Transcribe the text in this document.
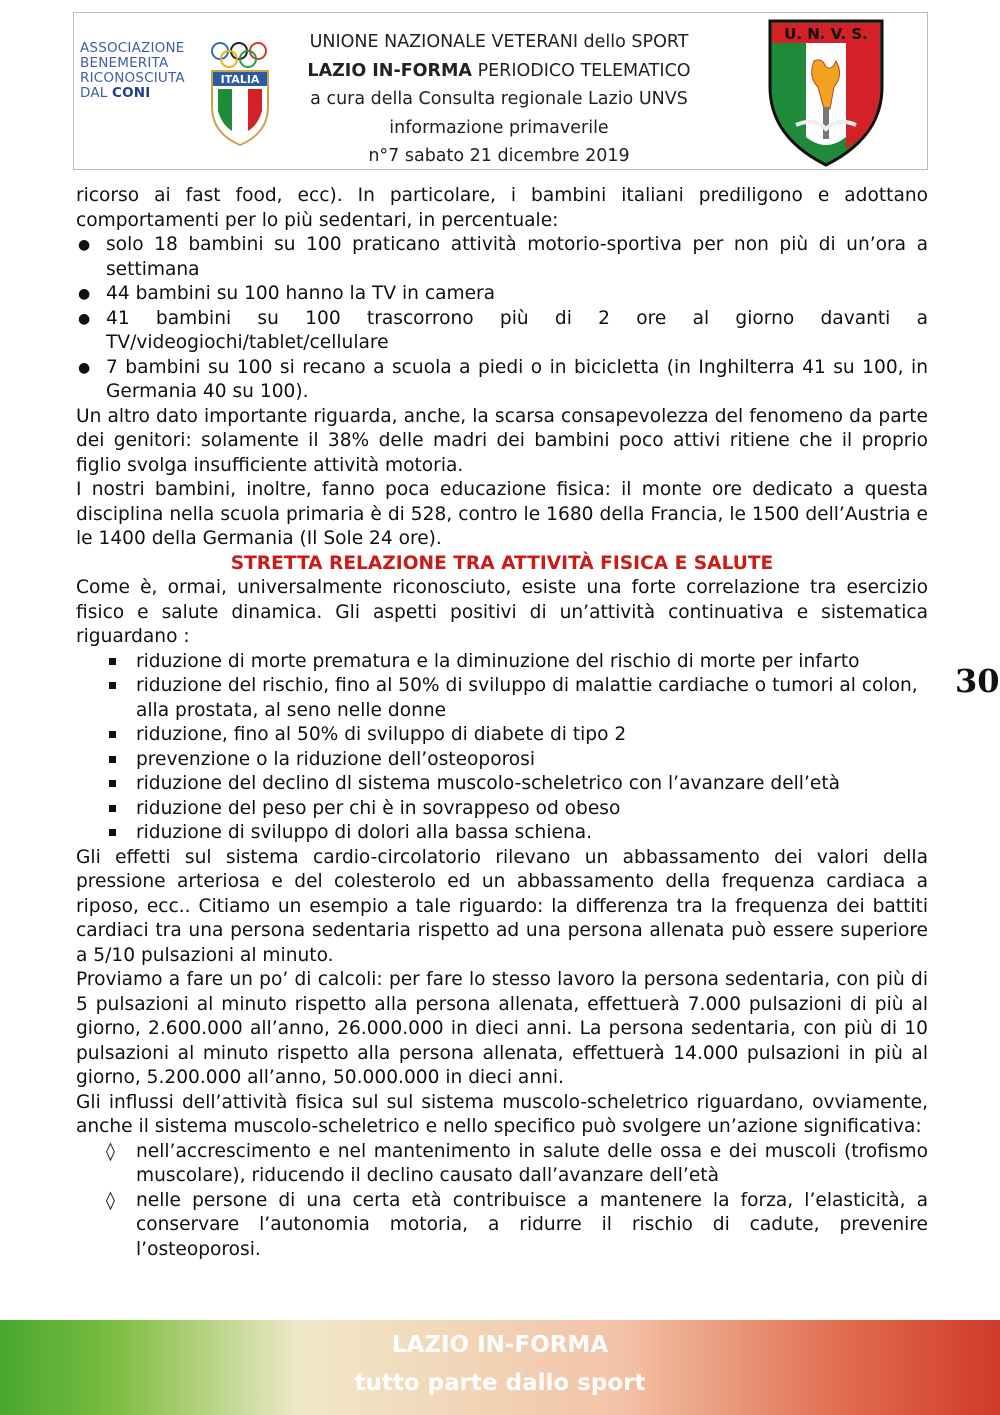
ASSOCIAZIONE
BENEMERITA
RICONOSCIUTA
DAL CONI
ITALIA
UNIONE NAZIONALE VETERANI dello SPORT
LAZIO IN-FORMA PERIODICO TELEMATICO
a cura della Consulta regionale Lazio UNVS
informazione primaverile
n°7 sabato 21 dicembre 2019
U. N. V. S.

ricorso ai fast food, ecc). In particolare, i bambini italiani prediligono e adottano comportamenti per lo più sedentari, in percentuale:

● solo 18 bambini su 100 praticano attività motorio-sportiva per non più di un’ora a settimana
● 44 bambini su 100 hanno la TV in camera
● 41 bambini su 100 trascorrono più di 2 ore al giorno davanti a TV/videogiochi/tablet/cellulare
● 7 bambini su 100 si recano a scuola a piedi o in bicicletta (in Inghilterra 41 su 100, in Germania 40 su 100).

Un altro dato importante riguarda, anche, la scarsa consapevolezza del fenomeno da parte dei genitori: solamente il 38% delle madri dei bambini poco attivi ritiene che il proprio figlio svolga insufficiente attività motoria.

I nostri bambini, inoltre, fanno poca educazione fisica: il monte ore dedicato a questa disciplina nella scuola primaria è di 528, contro le 1680 della Francia, le 1500 dell’Austria e le 1400 della Germania (Il Sole 24 ore).

STRETTA RELAZIONE TRA ATTIVITÀ FISICA E SALUTE

Come è, ormai, universalmente riconosciuto, esiste una forte correlazione tra esercizio fisico e salute dinamica. Gli aspetti positivi di un’attività continuativa e sistematica riguardano :

riduzione di morte prematura e la diminuzione del rischio di morte per infarto
riduzione del rischio, fino al 50% di sviluppo di malattie cardiache o tumori al colon, alla prostata, al seno nelle donne
riduzione, fino al 50% di sviluppo di diabete di tipo 2
prevenzione o la riduzione dell’osteoporosi
riduzione del declino dl sistema muscolo-scheletrico con l’avanzare dell’età
riduzione del peso per chi è in sovrappeso od obeso
riduzione di sviluppo di dolori alla bassa schiena.

Gli effetti sul sistema cardio-circolatorio rilevano un abbassamento dei valori della pressione arteriosa e del colesterolo ed un abbassamento della frequenza cardiaca a riposo, ecc.. Citiamo un esempio a tale riguardo: la differenza tra la frequenza dei battiti cardiaci tra una persona sedentaria rispetto ad una persona allenata può essere superiore a 5/10 pulsazioni al minuto.

Proviamo a fare un po’ di calcoli: per fare lo stesso lavoro la persona sedentaria, con più di 5 pulsazioni al minuto rispetto alla persona allenata, effettuerà 7.000 pulsazioni di più al giorno, 2.600.000 all’anno, 26.000.000 in dieci anni. La persona sedentaria, con più di 10 pulsazioni al minuto rispetto alla persona allenata, effettuerà 14.000 pulsazioni in più al giorno, 5.200.000 all’anno, 50.000.000 in dieci anni.

Gli influssi dell’attività fisica sul sul sistema muscolo-scheletrico riguardano, ovviamente, anche il sistema muscolo-scheletrico e nello specifico può svolgere un’azione significativa:

◊ nell’accrescimento e nel mantenimento in salute delle ossa e dei muscoli (trofismo muscolare), riducendo il declino causato dall’avanzare dell’età
◊ nelle persone di una certa età contribuisce a mantenere la forza, l’elasticità, a conservare l’autonomia motoria, a ridurre il rischio di cadute, prevenire l’osteoporosi.
30
LAZIO IN-FORMA
tutto parte dallo sport
